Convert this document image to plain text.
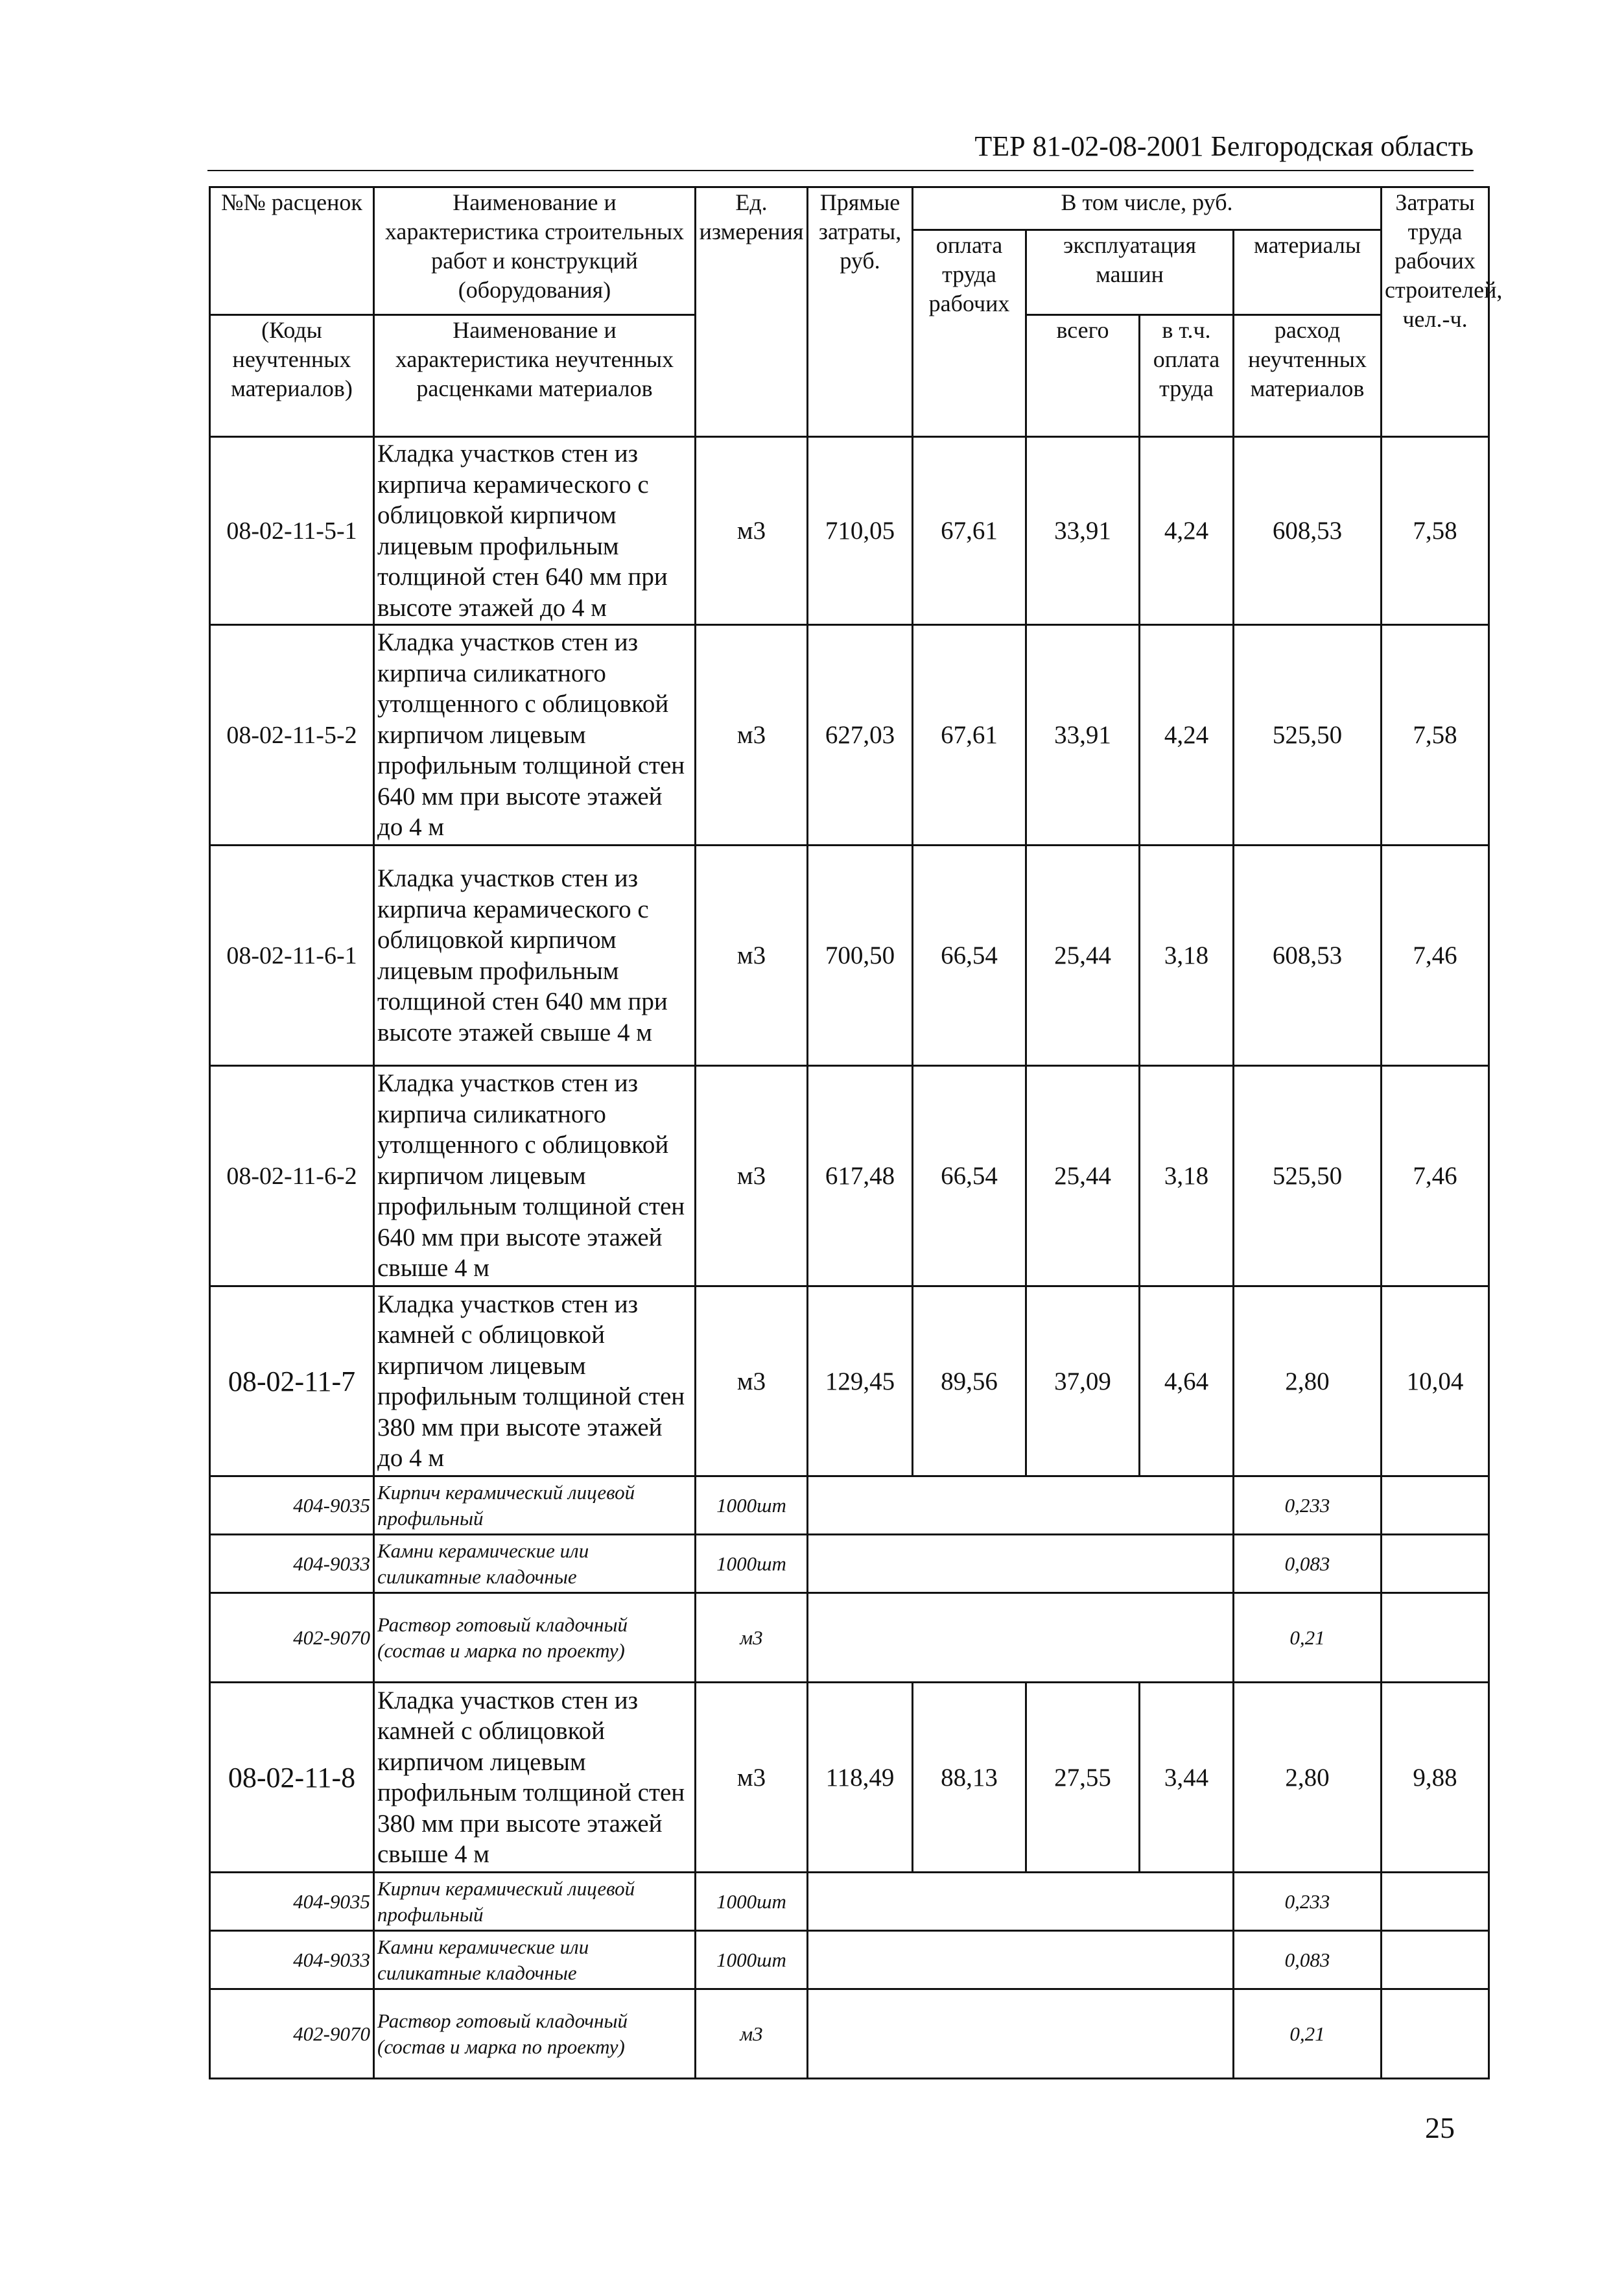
ТЕР 81-02-08-2001 Белгородская область
№№ расценок	Наименование и характеристика строительных работ и конструкций (оборудования)	Ед. измерения	Прямые затраты, руб.	В том числе, руб.				Затраты труда рабочих строителей, чел.-ч.
				оплата труда рабочих	эксплуатация машин		материалы	

(Коды неучтенных материалов)	Наименование и характеристика неучтенных расценками материалов				всего	в т.ч. оплата труда	расход неучтенных материалов	
08-02-11-5-1	Кладка участков стен из кирпича керамического с облицовкой кирпичом лицевым профильным толщиной стен 640 мм при высоте этажей до 4 м	м3	710,05	67,61	33,91	4,24	608,53	7,58
08-02-11-5-2	Кладка участков стен из кирпича силикатного утолщенного с облицовкой кирпичом лицевым профильным толщиной стен 640 мм при высоте этажей до 4 м	м3	627,03	67,61	33,91	4,24	525,50	7,58
08-02-11-6-1	Кладка участков стен из кирпича керамического с облицовкой кирпичом лицевым профильным толщиной стен 640 мм при высоте этажей свыше 4 м	м3	700,50	66,54	25,44	3,18	608,53	7,46
08-02-11-6-2	Кладка участков стен из кирпича силикатного утолщенного с облицовкой кирпичом лицевым профильным толщиной стен 640 мм при высоте этажей свыше 4 м	м3	617,48	66,54	25,44	3,18	525,50	7,46
08-02-11-7	Кладка участков стен из камней с облицовкой кирпичом лицевым профильным толщиной стен 380 мм при высоте этажей до 4 м	м3	129,45	89,56	37,09	4,64	2,80	10,04
404-9035	Кирпич керамический лицевой профильный	1000шт					0,233	
404-9033	Камни керамические или силикатные кладочные	1000шт					0,083	
402-9070	Раствор готовый кладочный (состав и марка по проекту)	м3					0,21	
08-02-11-8	Кладка участков стен из камней с облицовкой кирпичом лицевым профильным толщиной стен 380 мм при высоте этажей свыше 4 м	м3	118,49	88,13	27,55	3,44	2,80	9,88
404-9035	Кирпич керамический лицевой профильный	1000шт					0,233	
404-9033	Камни керамические или силикатные кладочные	1000шт					0,083	
402-9070	Раствор готовый кладочный (состав и марка по проекту)	м3					0,21	
25
